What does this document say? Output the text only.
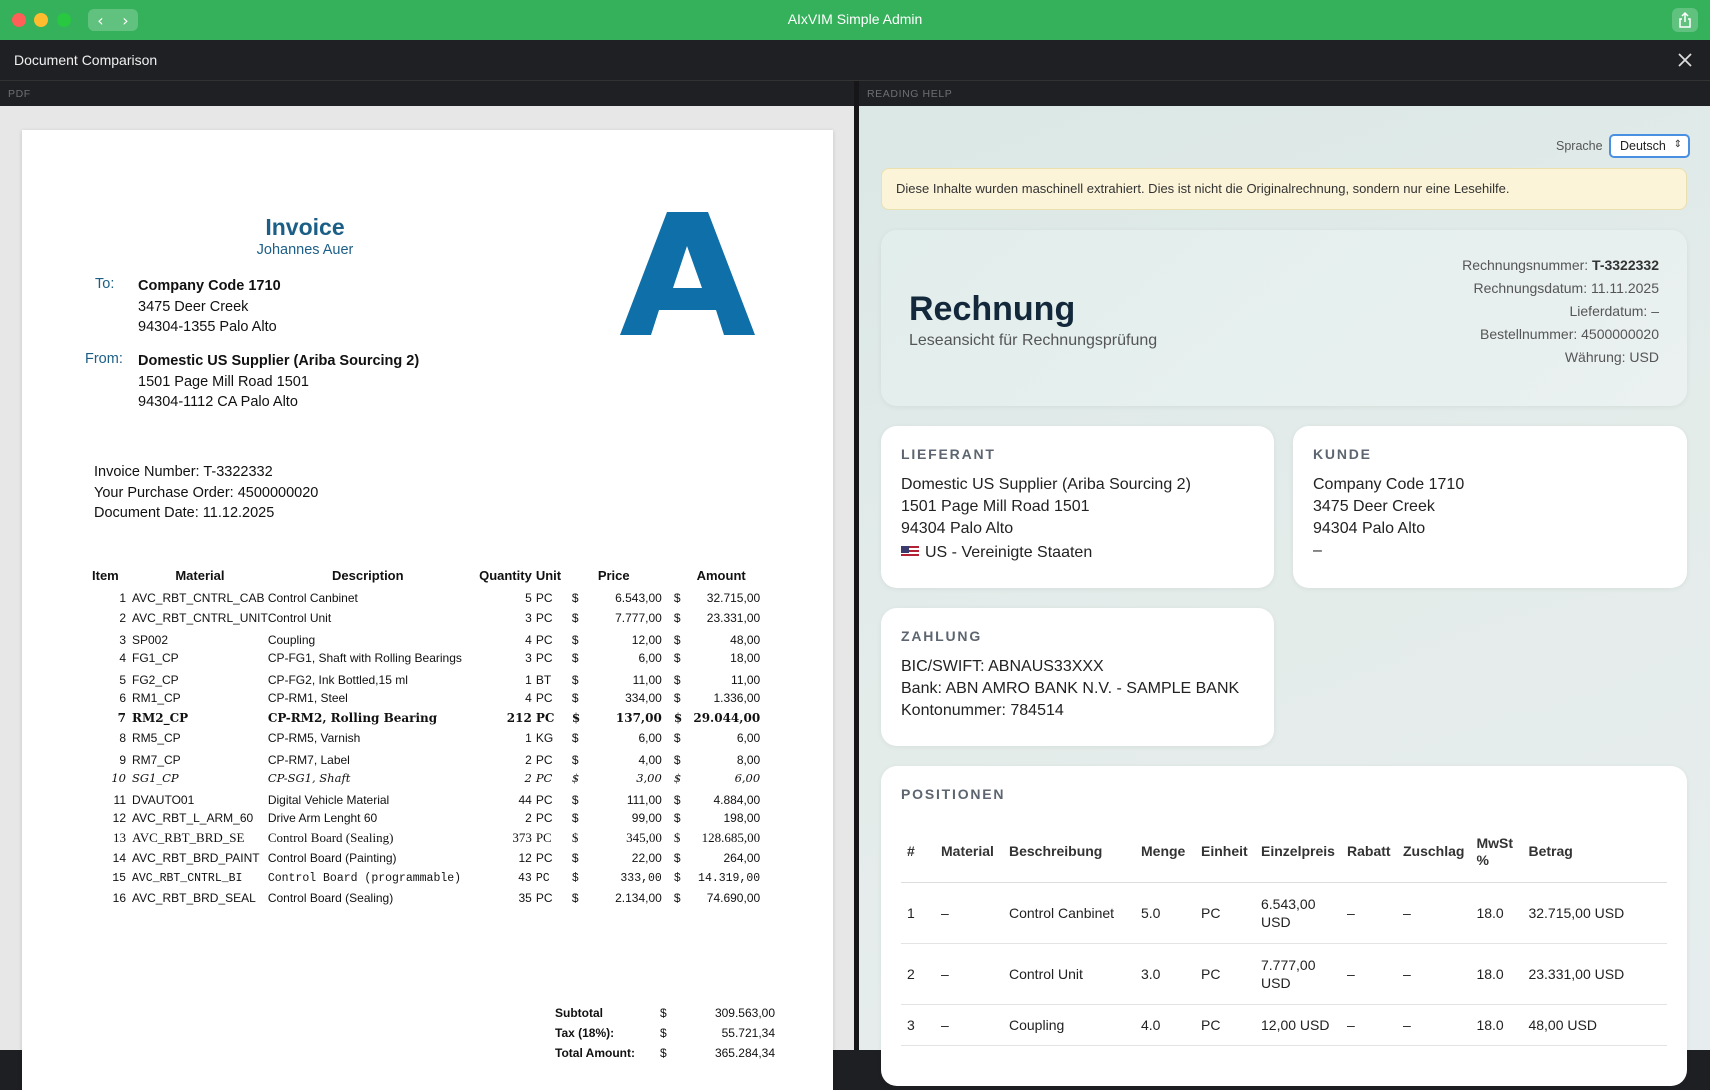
‹	›	AIxVIM Simple Admin
Document Comparison
PDF	READING HELP
Invoice
Johannes Auer
To: Company Code 1710
3475 Deer Creek
94304-1355 Palo Alto
From: Domestic US Supplier (Ariba Sourcing 2)
1501 Page Mill Road 1501
94304-1112 CA Palo Alto
Invoice Number: T-3322332
Your Purchase Order: 4500000020
Document Date: 11.12.2025
Item	Material	Description	Quantity	Unit		Price		Amount
1	AVC_RBT_CNTRL_CAB	Control Canbinet	5	PC	$	6.543,00	$	32.715,00
2	AVC_RBT_CNTRL_UNIT	Control Unit	3	PC	$	7.777,00	$	23.331,00
3	SP002	Coupling	4	PC	$	12,00	$	48,00
4	FG1_CP	CP-FG1, Shaft with Rolling Bearings	3	PC	$	6,00	$	18,00
5	FG2_CP	CP-FG2, Ink Bottled,15 ml	1	BT	$	11,00	$	11,00
6	RM1_CP	CP-RM1, Steel	4	PC	$	334,00	$	1.336,00
7	RM2_CP	CP-RM2, Rolling Bearing	212	PC	$	137,00	$	29.044,00
8	RM5_CP	CP-RM5, Varnish	1	KG	$	6,00	$	6,00
9	RM7_CP	CP-RM7, Label	2	PC	$	4,00	$	8,00
10	SG1_CP	CP-SG1, Shaft	2	PC	$	3,00	$	6,00
11	DVAUTO01	Digital Vehicle Material	44	PC	$	111,00	$	4.884,00
12	AVC_RBT_L_ARM_60	Drive Arm Lenght 60	2	PC	$	99,00	$	198,00
13	AVC_RBT_BRD_SE	Control Board (Sealing)	373	PC	$	345,00	$	128.685,00
14	AVC_RBT_BRD_PAINT	Control Board (Painting)	12	PC	$	22,00	$	264,00
15	AVC_RBT_CNTRL_BI	Control Board (programmable)	43	PC	$	333,00	$	14.319,00
16	AVC_RBT_BRD_SEAL	Control Board (Sealing)	35	PC	$	2.134,00	$	74.690,00
Subtotal	$	309.563,00
Tax (18%):	$	55.721,34
Total Amount: $	365.284,34
Sprache	Deutsch ⇕
Diese Inhalte wurden maschinell extrahiert. Dies ist nicht die Originalrechnung, sondern nur eine Lesehilfe.
Rechnung
Leseansicht für Rechnungsprüfung
Rechnungsnummer: T-3322332
Rechnungsdatum: 11.11.2025
Lieferdatum: –
Bestellnummer: 4500000020
Währung: USD
LIEFERANT
Domestic US Supplier (Ariba Sourcing 2)
1501 Page Mill Road 1501
94304 Palo Alto
US - Vereinigte Staaten
KUNDE
Company Code 1710
3475 Deer Creek
94304 Palo Alto
–
ZAHLUNG
BIC/SWIFT: ABNAUS33XXX
Bank: ABN AMRO BANK N.V. - SAMPLE BANK
Kontonummer: 784514
POSITIONEN
#	Material	Beschreibung	Menge	Einheit	Einzelpreis	Rabatt	Zuschlag	MwSt %	Betrag
1	–	Control Canbinet	5.0	PC	6.543,00 USD	–	–	18.0	32.715,00 USD
2	–	Control Unit	3.0	PC	7.777,00 USD	–	–	18.0	23.331,00 USD
3	–	Coupling	4.0	PC	12,00 USD	–	–	18.0	48,00 USD
